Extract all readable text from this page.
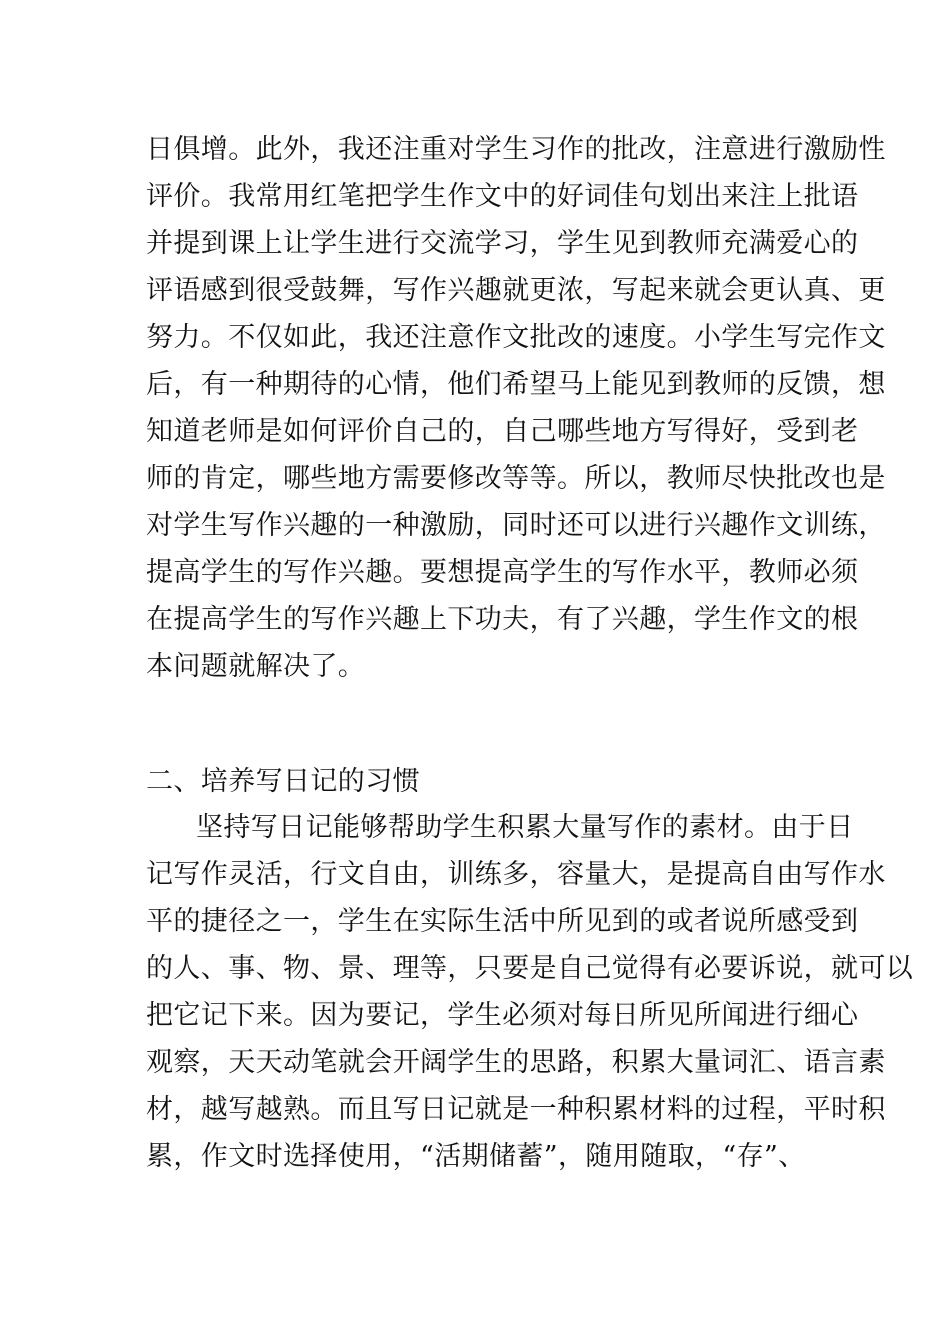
日俱增。此外，我还注重对学生习作的批改，注意进行激励性
评价。我常用红笔把学生作文中的好词佳句划出来注上批语
并提到课上让学生进行交流学习，学生见到教师充满爱心的
评语感到很受鼓舞，写作兴趣就更浓，写起来就会更认真、更
努力。不仅如此，我还注意作文批改的速度。小学生写完作文
后，有一种期待的心情，他们希望马上能见到教师的反馈，想
知道老师是如何评价自己的，自己哪些地方写得好，受到老
师的肯定，哪些地方需要修改等等。所以，教师尽快批改也是
对学生写作兴趣的一种激励，同时还可以进行兴趣作文训练，
提高学生的写作兴趣。要想提高学生的写作水平，教师必须
在提高学生的写作兴趣上下功夫，有了兴趣，学生作文的根
本问题就解决了。
二、培养写日记的习惯
坚持写日记能够帮助学生积累大量写作的素材。由于日
记写作灵活，行文自由，训练多，容量大，是提高自由写作水
平的捷径之一，学生在实际生活中所见到的或者说所感受到
的人、事、物、景、理等，只要是自己觉得有必要诉说，就可以
把它记下来。因为要记，学生必须对每日所见所闻进行细心
观察，天天动笔就会开阔学生的思路，积累大量词汇、语言素
材，越写越熟。而且写日记就是一种积累材料的过程，平时积
累，作文时选择使用，“活期储蓄”，随用随取，“存”、
